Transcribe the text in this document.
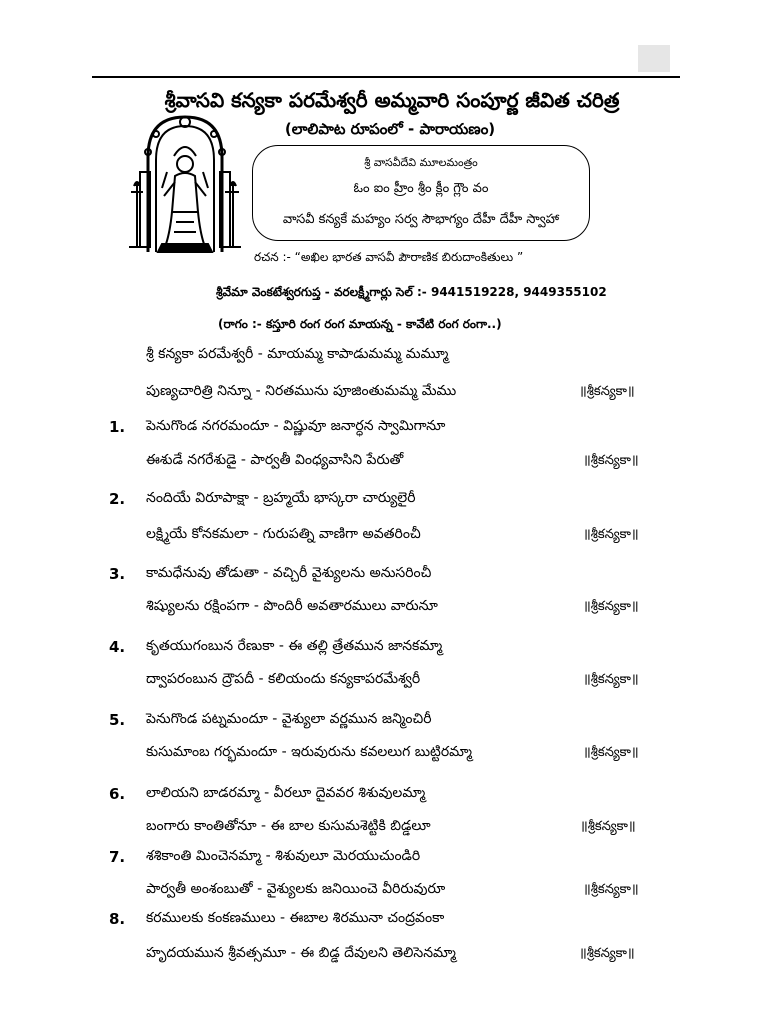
శ్రీవాసవి కన్యకా పరమేశ్వరీ అమ్మవారి సంపూర్ణ జీవిత చరిత్ర
(లాలిపాట రూపంలో - పారాయణం)
శ్రీ వాసవీదేవి మూలమంత్రం
ఓం ఐం హ్రీం శ్రీం క్లీం గ్లౌం వం
వాసవీ కన్యకే మహ్యం సర్వ సౌభాగ్యం దేహీ దేహీ స్వాహా
రచన :- “అఖిల భారత వాసవీ పౌరాణిక బిరుదాంకితులు ”
శ్రీవేమా వెంకటేశ్వరగుప్త - వరలక్ష్మీగార్లు సెల్ :- 9441519228, 9449355102
(రాగం :- కస్తూరి రంగ రంగ మాయన్న - కావేటి రంగ రంగా..)
శ్రీ కన్యకా పరమేశ్వరీ - మాయమ్మ కాపాడుమమ్మ మమ్మూ
పుణ్యచారిత్రి నిన్నూ - నిరతమును పూజింతుమమ్మ మేము	॥శ్రీకన్యకా॥
1. పెనుగొండ నగరమందూ - విష్ణువూ జనార్ధన స్వామిగానూ
ఈశుడే నగరేశుడై - పార్వతీ వింధ్యవాసిని పేరుతో	॥శ్రీకన్యకా॥
2. నందియే విరూపాక్షా - బ్రహ్మయే భాస్కరా చార్యులైరీ
లక్ష్మియే కోనకమలా - గురుపత్ని వాణిగా అవతరించీ	॥శ్రీకన్యకా॥
3. కామధేనువు తోడుతా - వచ్చిరీ వైశ్యులను అనుసరించీ
శిష్యులను రక్షింపగా - పొందిరీ అవతారములు వారునూ	॥శ్రీకన్యకా॥
4. కృతయుగంబున రేణుకా - ఈ తల్లి త్రేతమున జానకమ్మా
ద్వాపరంబున ద్రౌపదీ - కలియందు కన్యకాపరమేశ్వరీ	॥శ్రీకన్యకా॥
5. పెనుగొండ పట్నమందూ - వైశ్యులా వర్ణమున జన్మించిరీ
కుసుమాంబ గర్భమందూ - ఇరువురును కవలలుగ బుట్టిరమ్మా	॥శ్రీకన్యకా॥
6. లాలియని బాడరమ్మా - వీరలూ దైవవర శిశువులమ్మా
బంగారు కాంతితోనూ - ఈ బాల కుసుమశెట్టికి బిడ్డలూ	॥శ్రీకన్యకా॥
7. శశికాంతి మించెనమ్మా - శిశువులూ మెరయుచుండిరి
పార్వతీ అంశంబుతో - వైశ్యులకు జనియించె వీరిరువురూ	॥శ్రీకన్యకా॥
8. కరములకు కంకణములు - ఈబాల శిరమునా చంద్రవంకా
హృదయమున శ్రీవత్సమూ - ఈ బిడ్డ దేవులని తెలిసెనమ్మా	॥శ్రీకన్యకా॥
